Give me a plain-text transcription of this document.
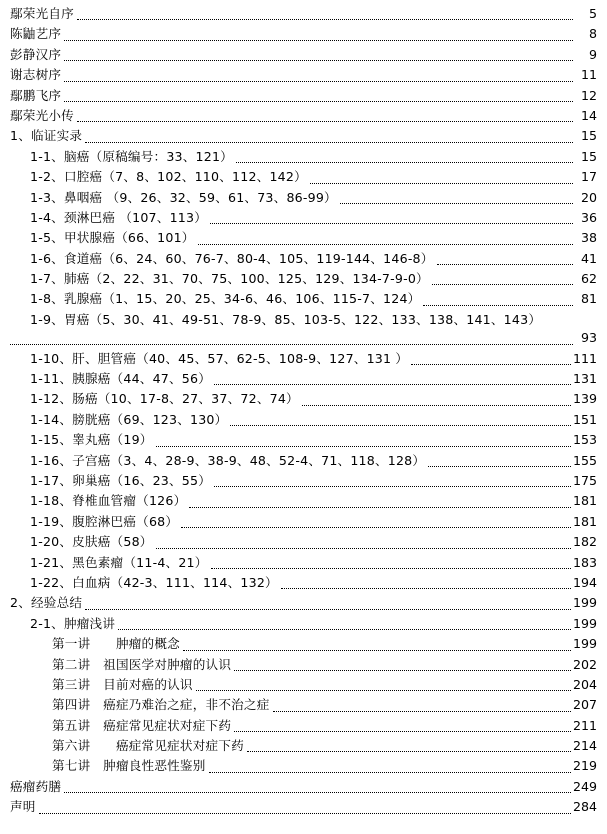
鄢荣光自序	5
陈鼬艺序	8
彭静汉序	9
谢志树序	11
鄢鹏飞序	12
鄢荣光小传	14
1、临证实录	15
1-1、脑癌（原稿编号：33、121）	15
1-2、口腔癌（7、8、102、110、112、142）	17
1-3、鼻咽癌 （9、26、32、59、61、73、86-99）	20
1-4、颈淋巴癌 （107、113）	36
1-5、甲状腺癌（66、101）	38
1-6、食道癌（6、24、60、76-7、80-4、105、119-144、146-8）	41
1-7、肺癌（2、22、31、70、75、100、125、129、134-7-9-0）	62
1-8、乳腺癌（1、15、20、25、34-6、46、106、115-7、124）	81
1-9、胃癌（5、30、41、49-51、78-9、85、103-5、122、133、138、141、143）
93
1-10、肝、胆管癌（40、45、57、62-5、108-9、127、131 ）	111
1-11、胰腺癌（44、47、56）	131
1-12、肠癌（10、17-8、27、37、72、74）	139
1-14、膀胱癌（69、123、130）	151
1-15、睾丸癌（19）	153
1-16、子宫癌（3、4、28-9、38-9、48、52-4、71、118、128）	155
1-17、卵巢癌（16、23、55）	175
1-18、脊椎血管瘤（126）	181
1-19、腹腔淋巴癌（68）	181
1-20、皮肤癌（58）	182
1-21、黑色素瘤（11-4、21）	183
1-22、白血病（42-3、111、114、132）	194
2、经验总结	199
2-1、肿瘤浅讲	199
第一讲　　肿瘤的概念	199
第二讲　祖国医学对肿瘤的认识	202
第三讲　目前对癌的认识	204
第四讲　癌症乃难治之症，非不治之症	207
第五讲　癌症常见症状对症下药	211
第六讲　　癌症常见症状对症下药	214
第七讲　肿瘤良性恶性鉴别	219
癌瘤药膳	249
声明	284
